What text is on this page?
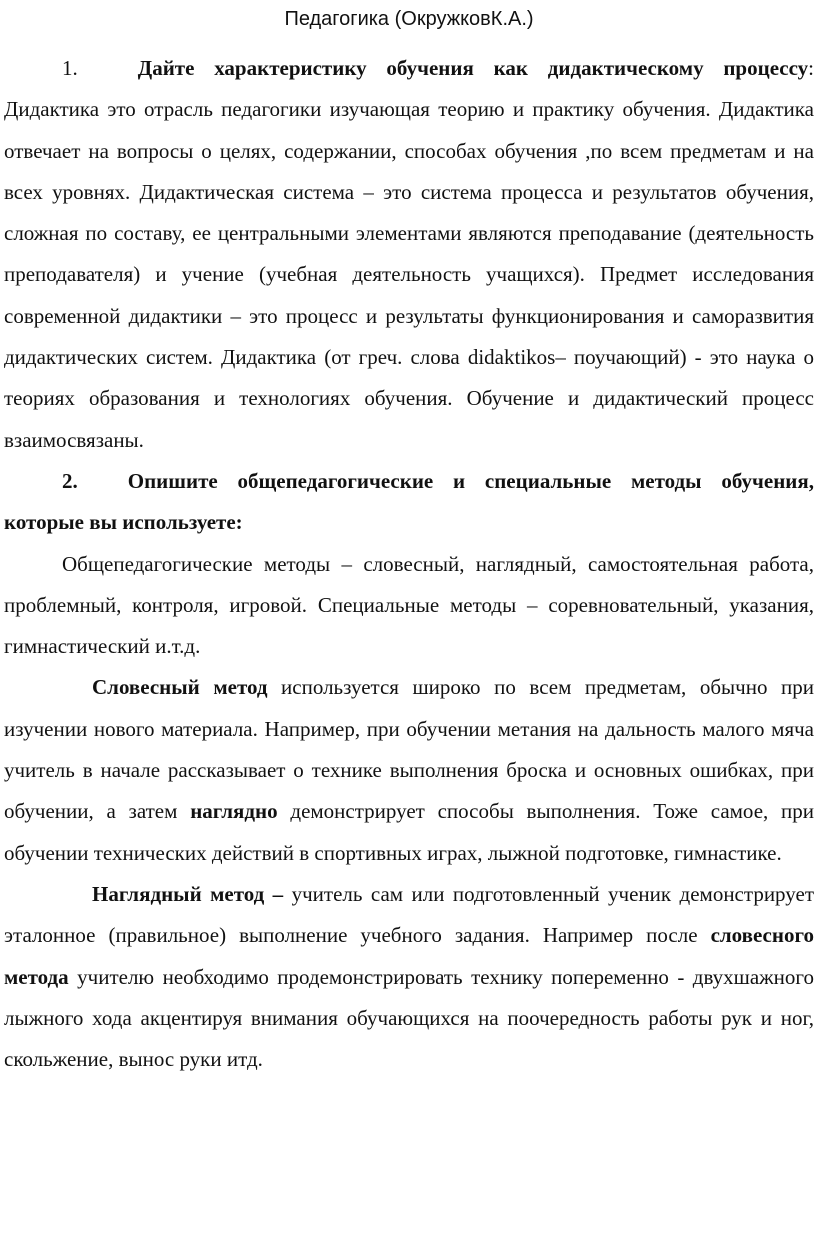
Педагогика (ОкружковК.А.)

1.	Дайте характеристику обучения как дидактическому процессу: Дидактика это отрасль педагогики изучающая теорию и практику обучения. Дидактика отвечает на вопросы о целях, содержании, способах обучения ,по всем предметам и на всех уровнях. Дидактическая система – это система процесса и результатов обучения, сложная по составу, ее центральными элементами являются преподавание (деятельность преподавателя) и учение (учебная деятельность учащихся). Предмет исследования современной дидактики – это процесс и результаты функционирования и саморазвития дидактических систем. Дидактика (от греч. слова didaktikos– поучающий) - это наука о теориях образования и технологиях обучения. Обучение и дидактический процесс взаимосвязаны.

2. Опишите общепедагогические и специальные методы обучения, которые вы используете:

Общепедагогические методы – словесный, наглядный, самостоятельная работа, проблемный, контроля, игровой. Специальные методы – соревновательный, указания, гимнастический и.т.д.

Словесный метод используется широко по всем предметам, обычно при изучении нового материала. Например, при обучении метания на дальность малого мяча учитель в начале рассказывает о технике выполнения броска и основных ошибках, при обучении, а затем наглядно демонстрирует способы выполнения. Тоже самое, при обучении технических действий в спортивных играх, лыжной подготовке, гимнастике.

Наглядный метод – учитель сам или подготовленный ученик демонстрирует эталонное (правильное) выполнение учебного задания. Например после словесного метода учителю необходимо продемонстрировать технику попеременно - двухшажного лыжного хода акцентируя внимания обучающихся на поочередность работы рук и ног, скольжение, вынос руки итд.
